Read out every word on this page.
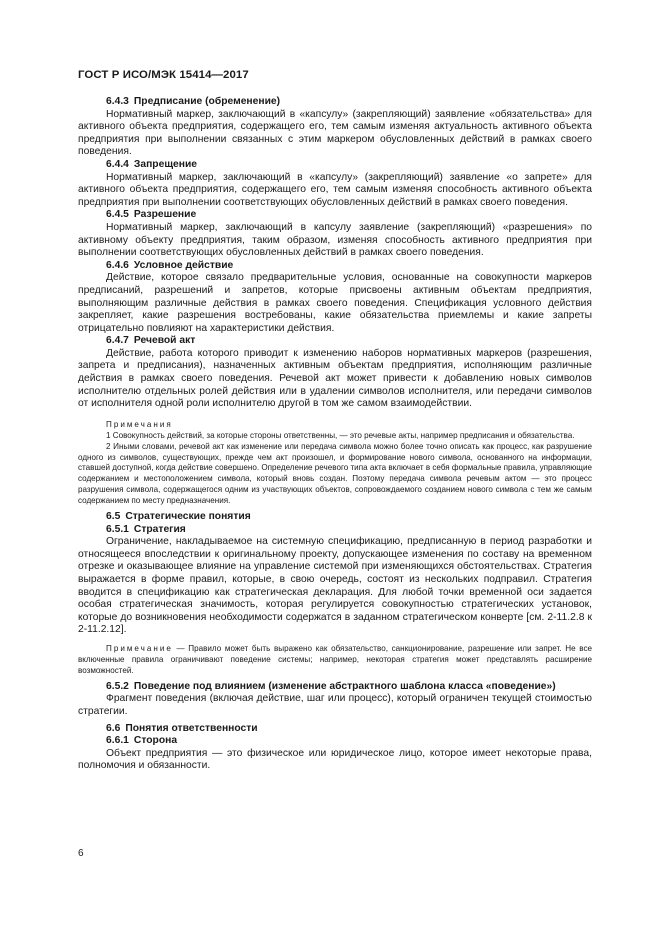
ГОСТ Р ИСО/МЭК 15414—2017
6.4.3 Предписание (обременение)

Нормативный маркер, заключающий в «капсулу» (закрепляющий) заявление «обязательства» для активного объекта предприятия, содержащего его, тем самым изменяя актуальность активного объекта предприятия при выполнении связанных с этим маркером обусловленных действий в рамках своего поведения.

6.4.4 Запрещение

Нормативный маркер, заключающий в «капсулу» (закрепляющий) заявление «о запрете» для активного объекта предприятия, содержащего его, тем самым изменяя способность активного объекта предприятия при выполнении соответствующих обусловленных действий в рамках своего поведения.

6.4.5 Разрешение

Нормативный маркер, заключающий в капсулу заявление (закрепляющий) «разрешения» по активному объекту предприятия, таким образом, изменяя способность активного предприятия при выполнении соответствующих обусловленных действий в рамках своего поведения.

6.4.6 Условное действие

Действие, которое связало предварительные условия, основанные на совокупности маркеров предписаний, разрешений и запретов, которые присвоены активным объектам предприятия, выполняющим различные действия в рамках своего поведения. Спецификация условного действия закрепляет, какие разрешения востребованы, какие обязательства приемлемы и какие запреты отрицательно повлияют на характеристики действия.

6.4.7 Речевой акт

Действие, работа которого приводит к изменению наборов нормативных маркеров (разрешения, запрета и предписания), назначенных активным объектам предприятия, исполняющим различные действия в рамках своего поведения. Речевой акт может привести к добавлению новых символов исполнителю отдельных ролей действия или в удалении символов исполнителя, или передачи символов от исполнителя одной роли исполнителю другой в том же самом взаимодействии.

Примечания

1 Совокупность действий, за которые стороны ответственны, — это речевые акты, например предписания и обязательства.

2 Иными словами, речевой акт как изменение или передача символа можно более точно описать как процесс, как разрушение одного из символов, существующих, прежде чем акт произошел, и формирование нового символа, основанного на информации, ставшей доступной, когда действие совершено. Определение речевого типа акта включает в себя формальные правила, управляющие содержанием и местоположением символа, который вновь создан. Поэтому передача символа речевым актом — это процесс разрушения символа, содержащегося одним из участвующих объектов, сопровождаемого созданием нового символа с тем же самым содержанием по месту предназначения.

6.5 Стратегические понятия
6.5.1 Стратегия

Ограничение, накладываемое на системную спецификацию, предписанную в период разработки и относящееся впоследствии к оригинальному проекту, допускающее изменения по составу на временном отрезке и оказывающее влияние на управление системой при изменяющихся обстоятельствах. Стратегия выражается в форме правил, которые, в свою очередь, состоят из нескольких подправил. Стратегия вводится в спецификацию как стратегическая декларация. Для любой точки временной оси задается особая стратегическая значимость, которая регулируется совокупностью стратегических установок, которые до возникновения необходимости содержатся в заданном стратегическом конверте [см. 2-11.2.8 к 2-11.2.12].

Примечание — Правило может быть выражено как обязательство, санкционирование, разрешение или запрет. Не все включенные правила ограничивают поведение системы; например, некоторая стратегия может представлять расширение возможностей.

6.5.2 Поведение под влиянием (изменение абстрактного шаблона класса «поведение»)

Фрагмент поведения (включая действие, шаг или процесс), который ограничен текущей стоимостью стратегии.

6.6 Понятия ответственности
6.6.1 Сторона

Объект предприятия — это физическое или юридическое лицо, которое имеет некоторые права, полномочия и обязанности.

6
